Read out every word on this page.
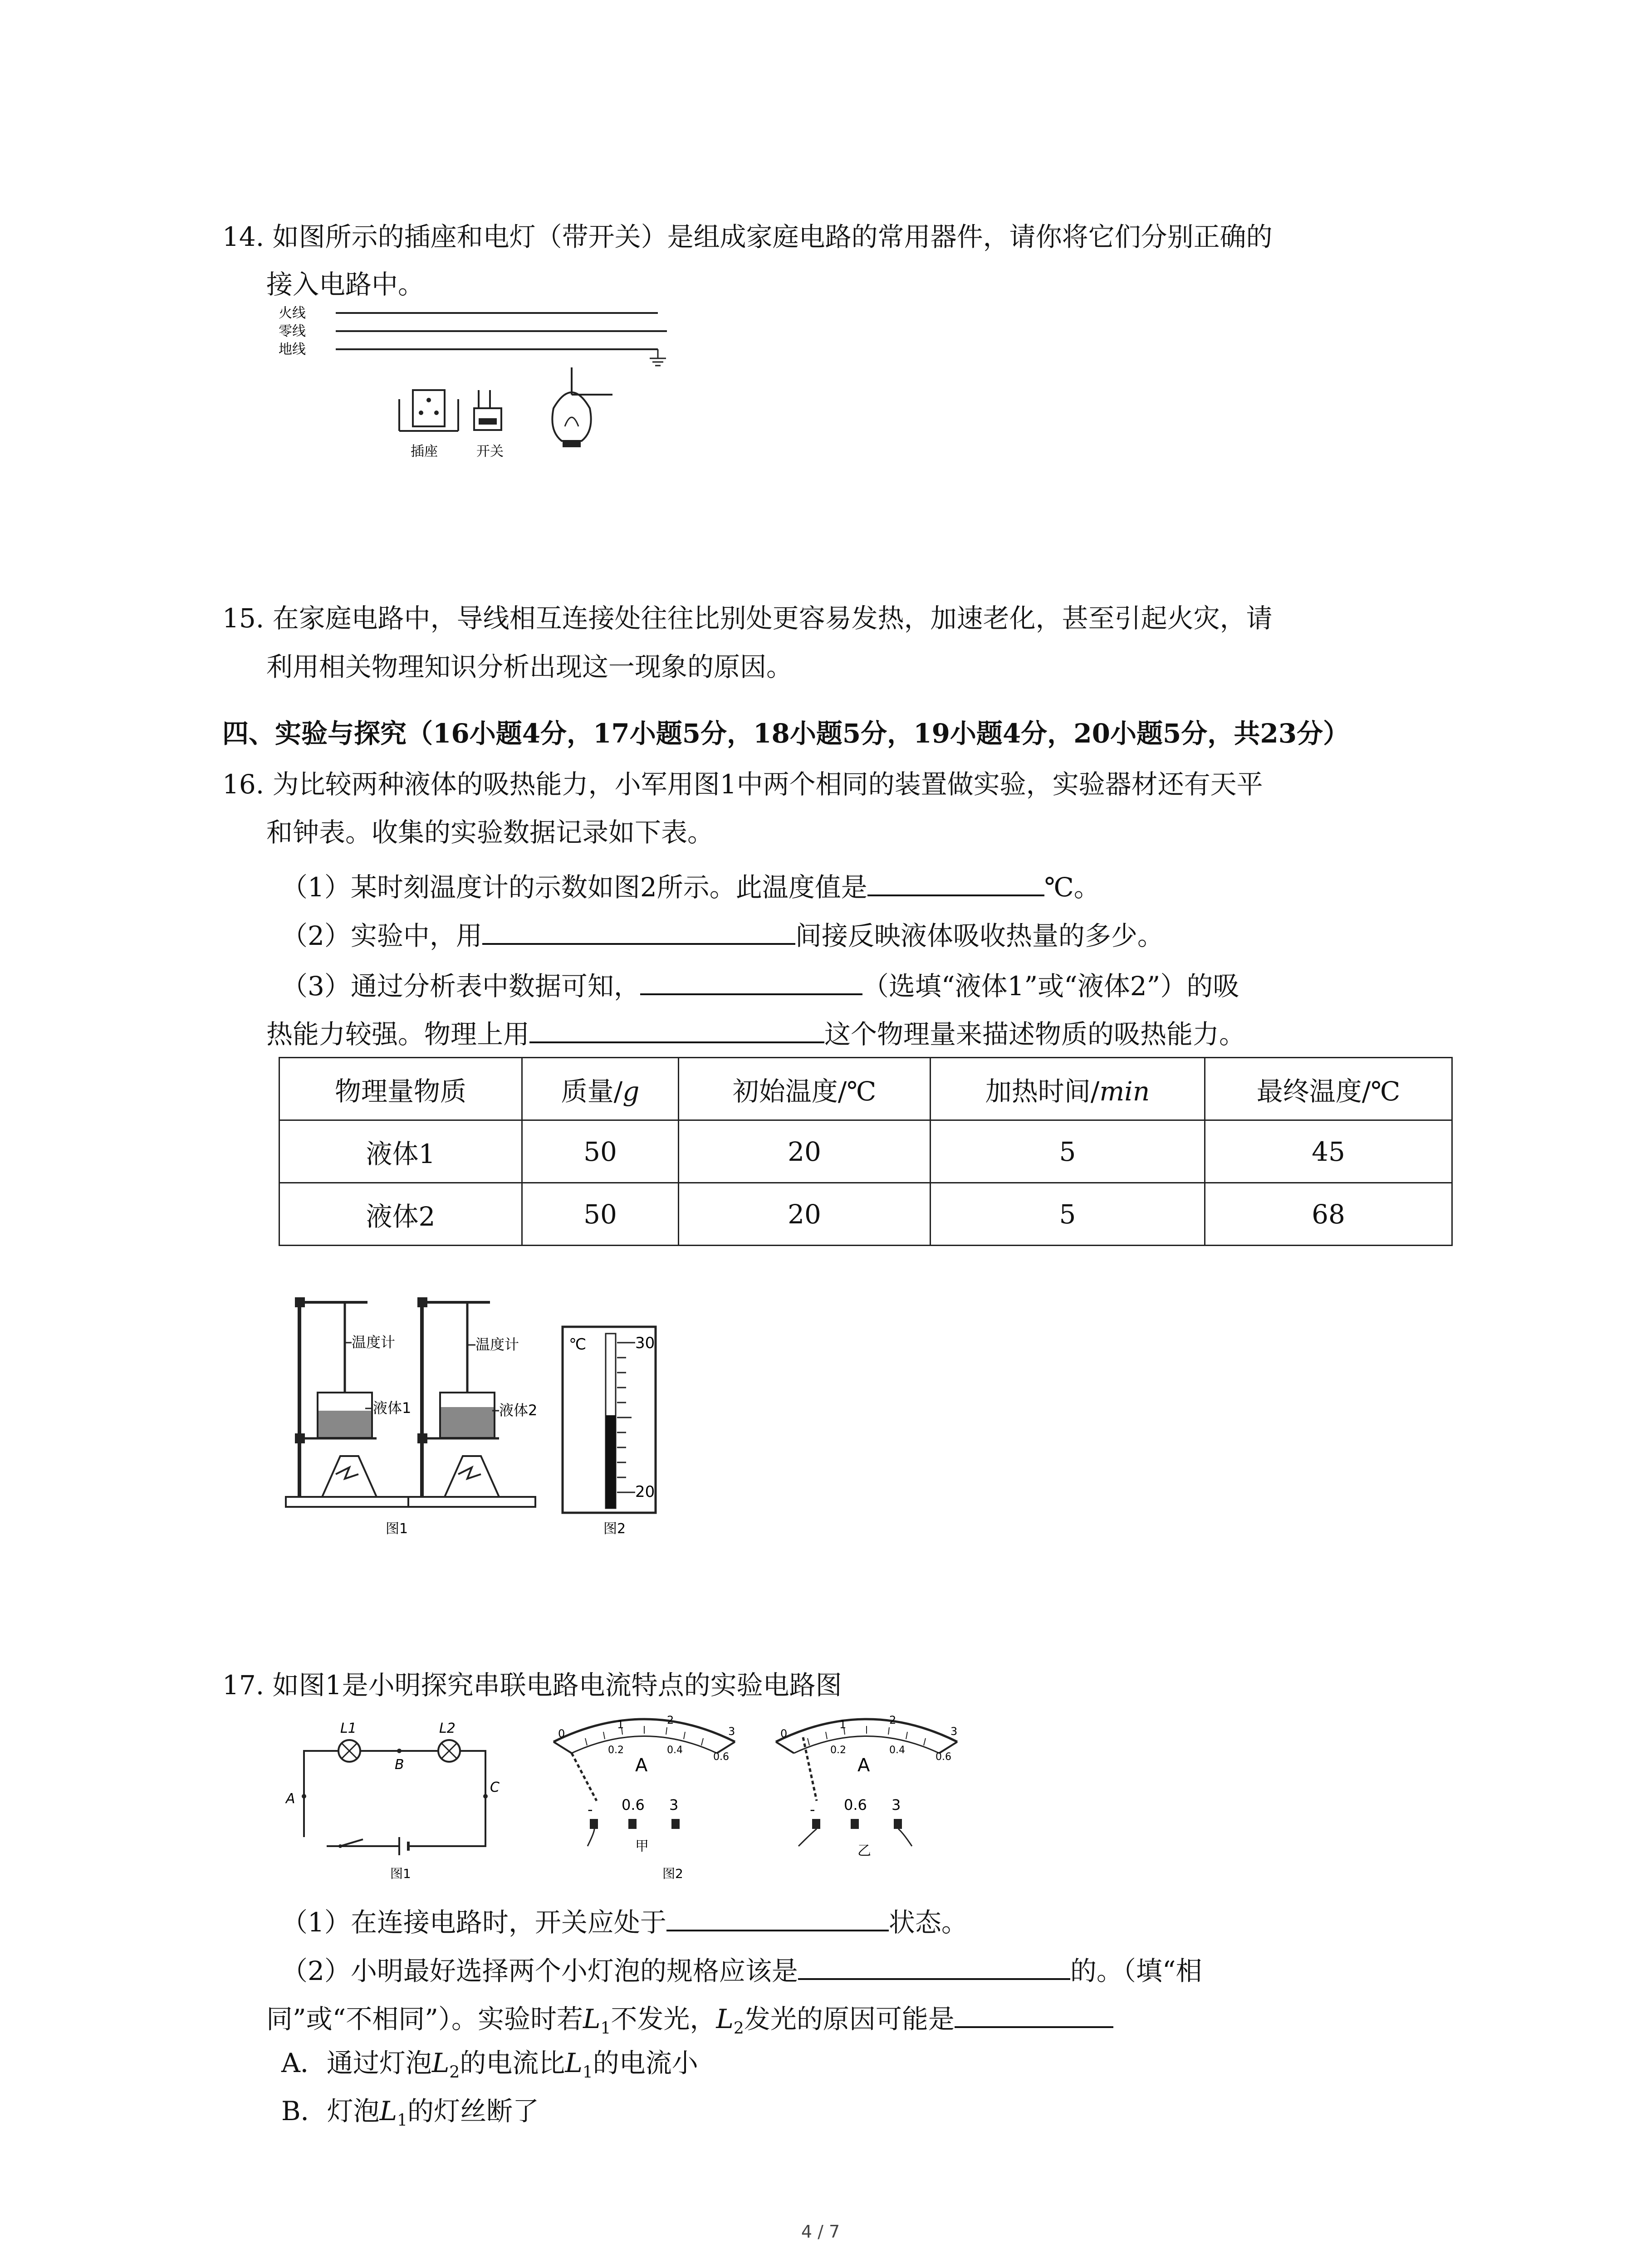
14. 如图所示的插座和电灯（带开关）是组成家庭电路的常用器件，请你将它们分别正确的
接入电路中。
火线
零线
地线
插座	开关
15. 在家庭电路中，导线相互连接处往往比别处更容易发热，加速老化，甚至引起火灾，请
利用相关物理知识分析出现这一现象的原因。
四、实验与探究（16小题4分，17小题5分，18小题5分，19小题4分，20小题5分，共23分）
16. 为比较两种液体的吸热能力，小军用图1中两个相同的装置做实验，实验器材还有天平
和钟表。收集的实验数据记录如下表。
（1）某时刻温度计的示数如图2所示。此温度值是	℃。
（2）实验中，用	间接反映液体吸收热量的多少。
（3）通过分析表中数据可知，	（选填“液体1”或“液体2”）的吸
热能力较强。物理上用	这个物理量来描述物质的吸热能力。
物理量物质	质量/g	初始温度/℃	加热时间/min	最终温度/℃
液体1	50	20	5	45
液体2	50	20	5	68
温度计
液体1
图1
温度计
液体2
℃	30
20
图2
17. 如图1是小明探究串联电路电流特点的实验电路图
L1	L2
B
A
C
图1
0
0.2	0.4
0.6
1	2
3
A
0.6 3
-
甲
0
0.2	0.4
0.6
1	2
3
A
0.6 3
-
图2
乙
（1）在连接电路时，开关应处于	状态。
（2）小明最好选择两个小灯泡的规格应该是	的。（填“相
同”或“不相同”）。实验时若$L_1$不发光，$L_2$发光的原因可能是
A．通过灯泡$L_2$的电流比$L_1$的电流小
B．灯泡$L_1$的灯丝断了
4 / 7
